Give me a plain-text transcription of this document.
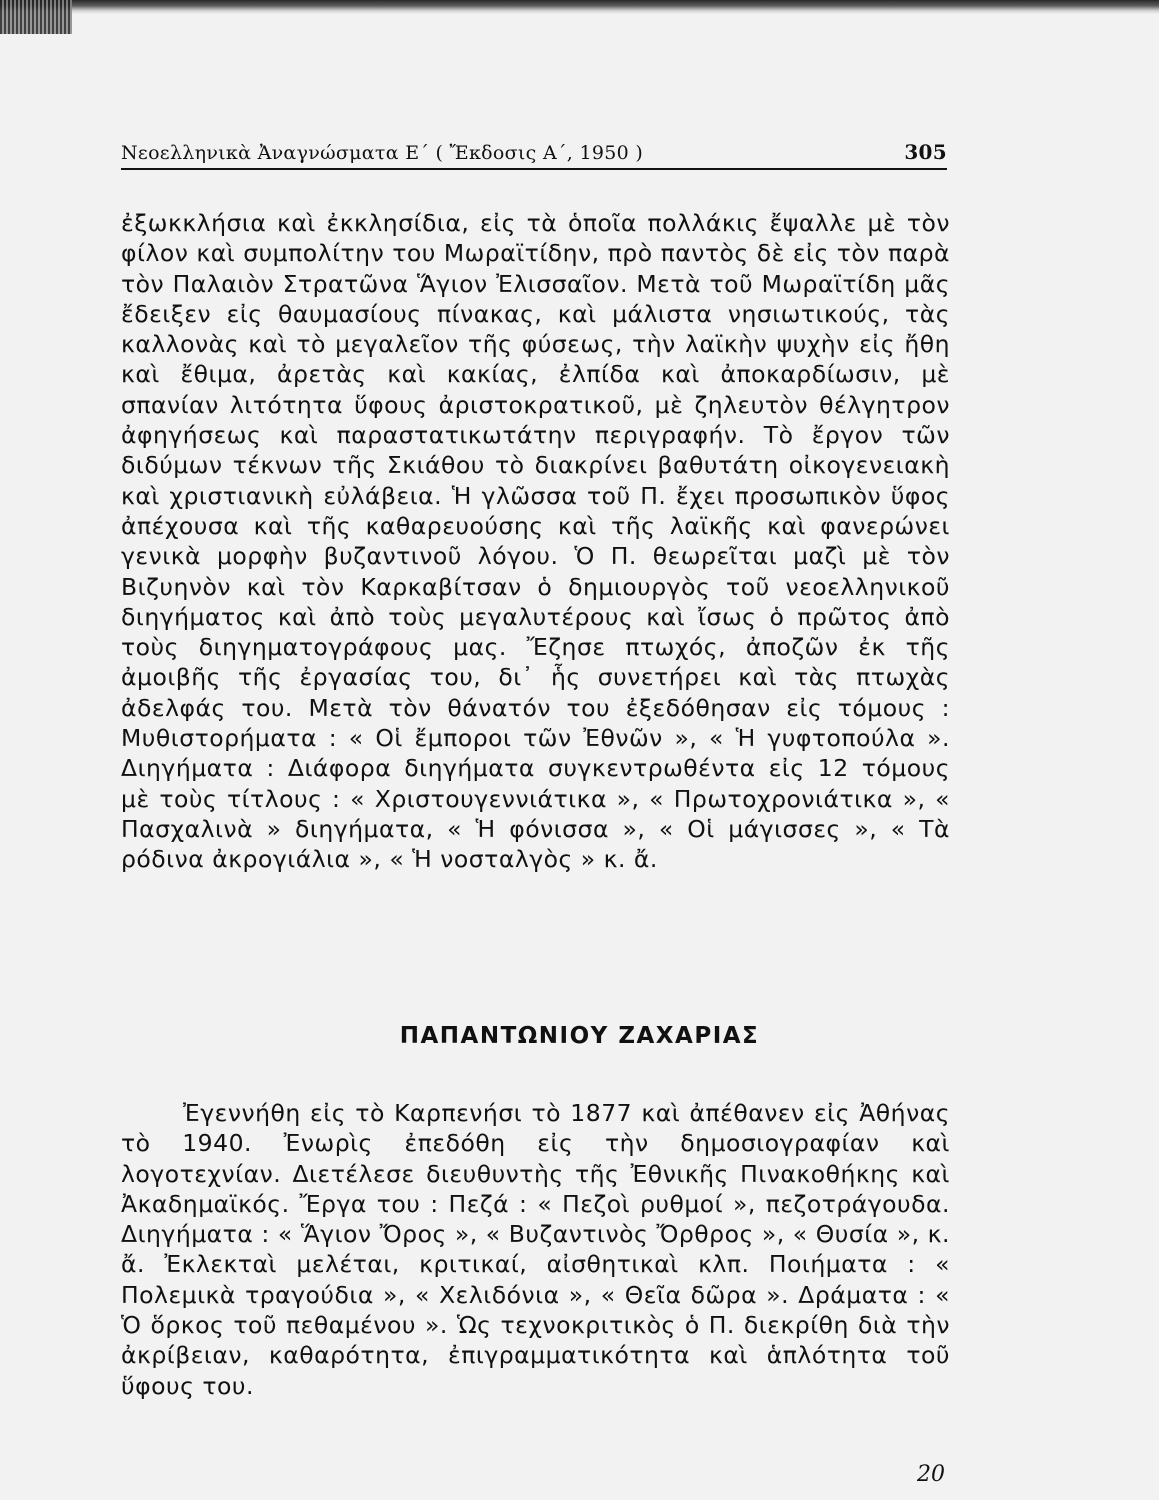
Νεοελληνικὰ Ἀναγνώσματα Ε΄ ( Ἔκδοσις Α΄, 1950 )	305

ἐξωκκλήσια καὶ ἐκκλησίδια, εἰς τὰ ὁποῖα πολλάκις ἔψαλλε μὲ τὸν φίλον καὶ συμπολίτην του Μωραϊτίδην, πρὸ παντὸς δὲ εἰς τὸν παρὰ τὸν Παλαιὸν Στρατῶνα Ἅγιον Ἐλισσαῖον. Μετὰ τοῦ Μωραϊτίδη μᾶς ἔδειξεν εἰς θαυμασίους πίνακας, καὶ μάλιστα νησιωτικούς, τὰς καλλονὰς καὶ τὸ μεγαλεῖον τῆς φύσεως, τὴν λαϊκὴν ψυχὴν εἰς ἤθη καὶ ἔθιμα, ἀρετὰς καὶ κακίας, ἐλπίδα καὶ ἀποκαρδίωσιν, μὲ σπανίαν λιτότητα ὕφους ἀριστοκρατικοῦ, μὲ ζηλευτὸν θέλγητρον ἀφηγήσεως καὶ παραστατικωτάτην περιγραφήν. Τὸ ἔργον τῶν διδύμων τέκνων τῆς Σκιάθου τὸ διακρίνει βαθυτάτη οἰκογενειακὴ καὶ χριστιανικὴ εὐλάβεια. Ἡ γλῶσσα τοῦ Π. ἔχει προσωπικὸν ὕφος ἀπέχουσα καὶ τῆς καθαρευούσης καὶ τῆς λαϊκῆς καὶ φανερώνει γενικὰ μορφὴν βυζαντινοῦ λόγου. Ὁ Π. θεωρεῖται μαζὶ μὲ τὸν Βιζυηνὸν καὶ τὸν Καρκαβίτσαν ὁ δημιουργὸς τοῦ νεοελληνικοῦ διηγήματος καὶ ἀπὸ τοὺς μεγαλυτέρους καὶ ἴσως ὁ πρῶτος ἀπὸ τοὺς διηγηματογράφους μας. Ἔζησε πτωχός, ἀποζῶν ἐκ τῆς ἀμοιβῆς τῆς ἐργασίας του, δι᾽ ἧς συνετήρει καὶ τὰς πτωχὰς ἀδελφάς του. Μετὰ τὸν θάνατόν του ἐξεδόθησαν εἰς τόμους : Μυθιστορήματα : « Οἱ ἔμποροι τῶν Ἐθνῶν », « Ἡ γυφτοπούλα ». Διηγήματα : Διάφορα διηγήματα συγκεντρωθέντα εἰς 12 τόμους μὲ τοὺς τίτλους : « Χριστουγεννιάτικα », « Πρωτοχρονιάτικα », « Πασχαλινὰ » διηγήματα, « Ἡ φόνισσα », « Οἱ μάγισσες », « Τὰ ρόδινα ἀκρογιάλια », « Ἡ νοσταλγὸς » κ. ἄ.

ΠΑΠΑΝΤΩΝΙΟΥ ΖΑΧΑΡΙΑΣ

Ἐγεννήθη εἰς τὸ Καρπενήσι τὸ 1877 καὶ ἀπέθανεν εἰς Ἀθήνας τὸ 1940. Ἐνωρὶς ἐπεδόθη εἰς τὴν δημοσιογραφίαν καὶ λογοτεχνίαν. Διετέλεσε διευθυντὴς τῆς Ἐθνικῆς Πινακοθήκης καὶ Ἀκαδημαϊκός. Ἔργα του : Πεζά : « Πεζοὶ ρυθμοί », πεζοτράγουδα. Διηγήματα : « Ἅγιον Ὄρος », « Βυζαντινὸς Ὄρθρος », « Θυσία », κ. ἄ. Ἐκλεκταὶ μελέται, κριτικαί, αἰσθητικαὶ κλπ. Ποιήματα : « Πολεμικὰ τραγούδια », « Χελιδόνια », « Θεῖα δῶρα ». Δράματα : « Ὁ ὅρκος τοῦ πεθαμένου ». Ὡς τεχνοκριτικὸς ὁ Π. διεκρίθη διὰ τὴν ἀκρίβειαν, καθαρότητα, ἐπιγραμματικότητα καὶ ἁπλότητα τοῦ ὕφους του.

20
